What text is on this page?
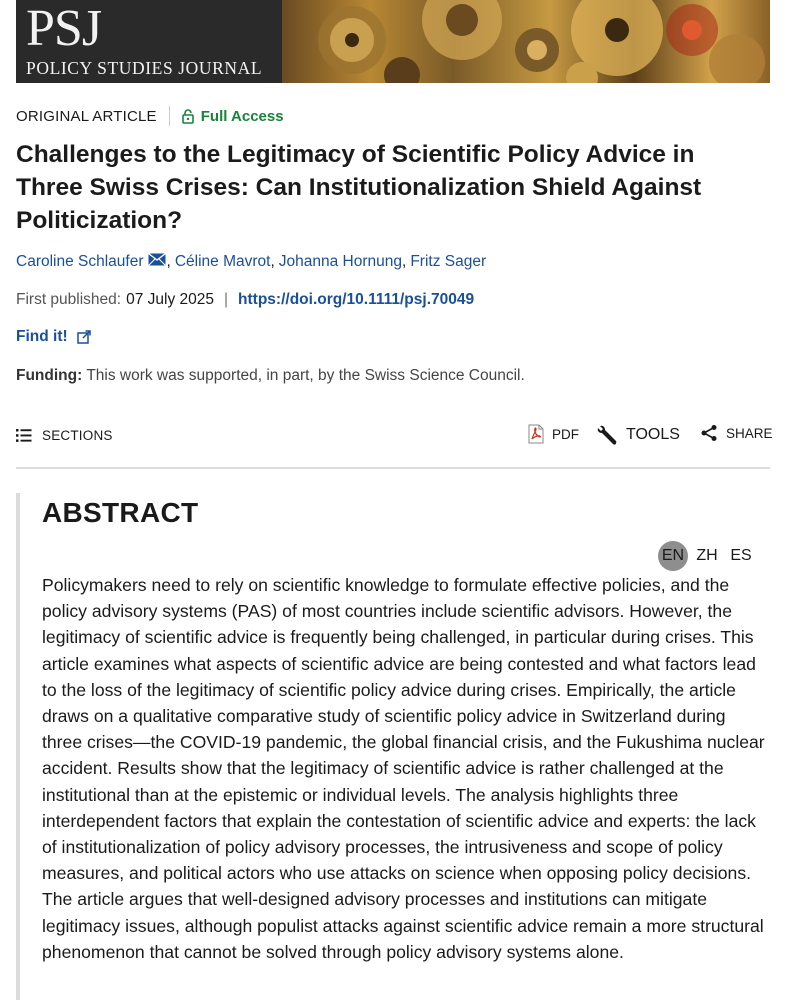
PSJ
POLICY STUDIES JOURNAL
ORIGINAL ARTICLE	Full Access
Challenges to the Legitimacy of Scientific Policy Advice in Three Swiss Crises: Can Institutionalization Shield Against Politicization?
Caroline Schlaufer , Céline Mavrot , Johanna Hornung , Fritz Sager
First published: 07 July 2025 | https://doi.org/10.1111/psj.70049
Find it!
Funding: This work was supported, in part, by the Swiss Science Council.
SECTIONS	PDF	TOOLS	SHARE
ABSTRACT
EN ZH ES

Policymakers need to rely on scientific knowledge to formulate effective policies, and the policy advisory systems (PAS) of most countries include scientific advisors. However, the legitimacy of scientific advice is frequently being challenged, in particular during crises. This article examines what aspects of scientific advice are being contested and what factors lead to the loss of the legitimacy of scientific policy advice during crises. Empirically, the article draws on a qualitative comparative study of scientific policy advice in Switzerland during three crises—the COVID-19 pandemic, the global financial crisis, and the Fukushima nuclear accident. Results show that the legitimacy of scientific advice is rather challenged at the institutional than at the epistemic or individual levels. The analysis highlights three interdependent factors that explain the contestation of scientific advice and experts: the lack of institutionalization of policy advisory processes, the intrusiveness and scope of policy measures, and political actors who use attacks on science when opposing policy decisions. The article argues that well-designed advisory processes and institutions can mitigate legitimacy issues, although populist attacks against scientific advice remain a more structural phenomenon that cannot be solved through policy advisory systems alone.
